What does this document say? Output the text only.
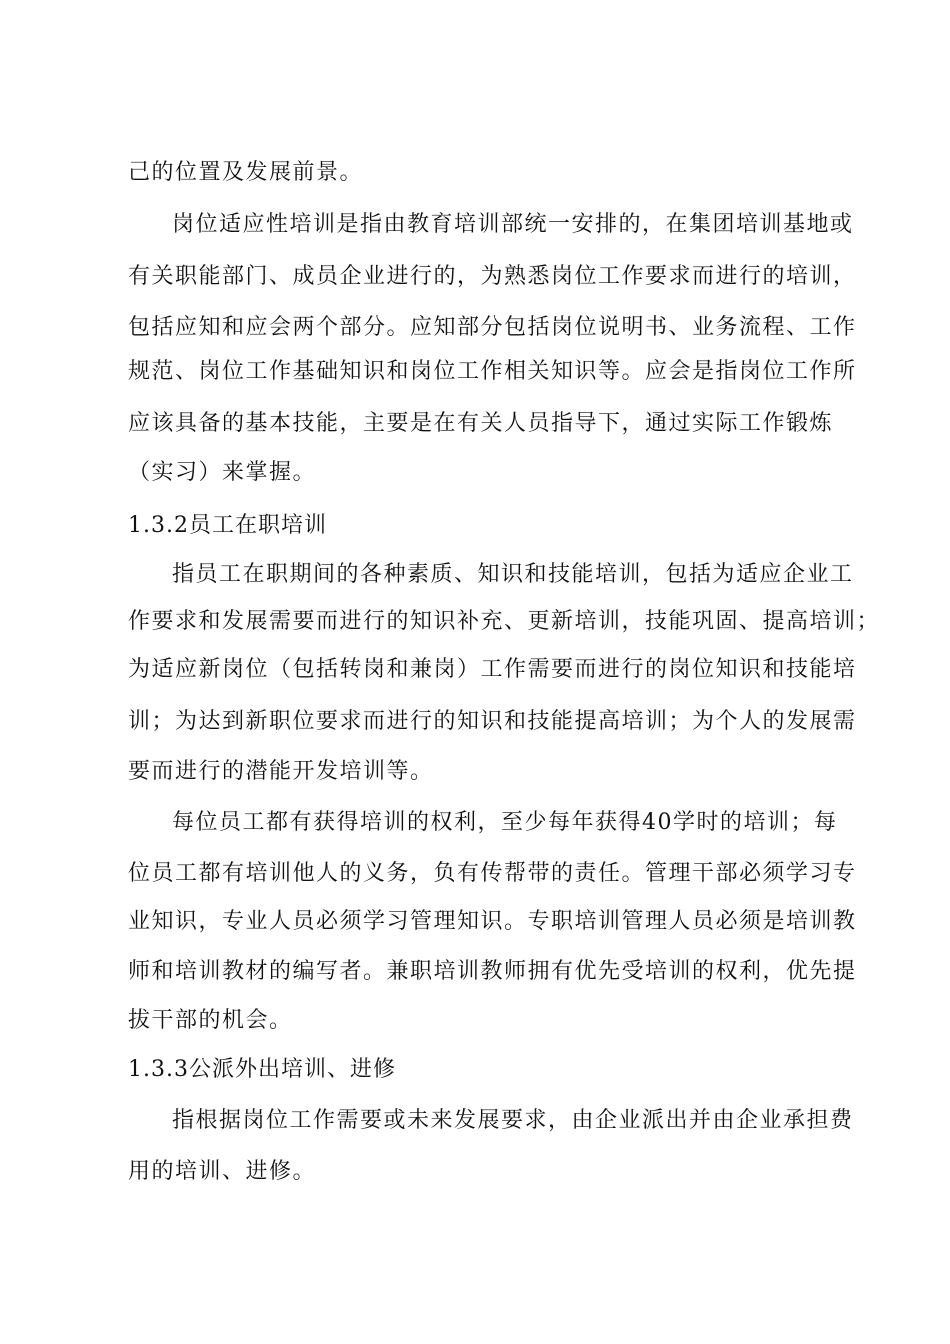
己的位置及发展前景。
岗位适应性培训是指由教育培训部统一安排的，在集团培训基地或
有关职能部门、成员企业进行的，为熟悉岗位工作要求而进行的培训，
包括应知和应会两个部分。应知部分包括岗位说明书、业务流程、工作
规范、岗位工作基础知识和岗位工作相关知识等。应会是指岗位工作所
应该具备的基本技能，主要是在有关人员指导下，通过实际工作锻炼
（实习）来掌握。
1.3.2员工在职培训
指员工在职期间的各种素质、知识和技能培训，包括为适应企业工
作要求和发展需要而进行的知识补充、更新培训，技能巩固、提高培训；
为适应新岗位（包括转岗和兼岗）工作需要而进行的岗位知识和技能培
训；为达到新职位要求而进行的知识和技能提高培训；为个人的发展需
要而进行的潜能开发培训等。
每位员工都有获得培训的权利，至少每年获得40学时的培训；每
位员工都有培训他人的义务，负有传帮带的责任。管理干部必须学习专
业知识，专业人员必须学习管理知识。专职培训管理人员必须是培训教
师和培训教材的编写者。兼职培训教师拥有优先受培训的权利，优先提
拔干部的机会。
1.3.3公派外出培训、进修
指根据岗位工作需要或未来发展要求，由企业派出并由企业承担费
用的培训、进修。
